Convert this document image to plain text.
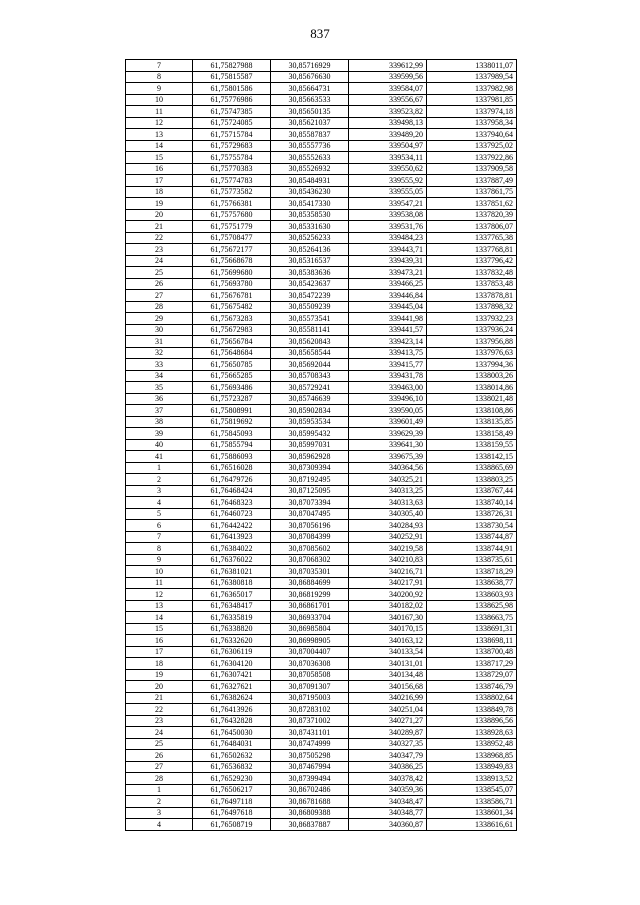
837
7	61,75827988	30,85716929	339612,99	1338011,07
8	61,75815587	30,85676630	339599,56	1337989,54
9	61,75801586	30,85664731	339584,07	1337982,98
10	61,75776986	30,85663533	339556,67	1337981,85
11	61,75747385	30,85650135	339523,82	1337974,18
12	61,75724085	30,85621037	339498,13	1337958,34
13	61,75715784	30,85587837	339489,20	1337940,64
14	61,75729683	30,85557736	339504,97	1337925,02
15	61,75755784	30,85552633	339534,11	1337922,86
16	61,75770383	30,85526932	339550,62	1337909,58
17	61,75774783	30,85484931	339555,92	1337887,49
18	61,75773582	30,85436230	339555,05	1337861,75
19	61,75766381	30,85417330	339547,21	1337851,62
20	61,75757680	30,85358530	339538,08	1337820,39
21	61,75751779	30,85331630	339531,76	1337806,07
22	61,75708477	30,85256233	339484,23	1337765,38
23	61,75672177	30,85264136	339443,71	1337768,81
24	61,75668678	30,85316537	339439,31	1337796,42
25	61,75699680	30,85383636	339473,21	1337832,48
26	61,75693780	30,85423637	339466,25	1337853,48
27	61,75676781	30,85472239	339446,84	1337878,81
28	61,75675482	30,85509239	339445,04	1337898,32
29	61,75673283	30,85573541	339441,98	1337932,23
30	61,75672983	30,85581141	339441,57	1337936,24
31	61,75656784	30,85620843	339423,14	1337956,88
32	61,75648684	30,85658544	339413,75	1337976,63
33	61,75650785	30,85692044	339415,77	1337994,36
34	61,75665285	30,85708343	339431,78	1338003,26
35	61,75693486	30,85729241	339463,00	1338014,86
36	61,75723287	30,85746639	339496,10	1338021,48
37	61,75808991	30,85902834	339590,05	1338108,86
38	61,75819692	30,85953534	339601,49	1338135,85
39	61,75845093	30,85995432	339629,39	1338158,49
40	61,75855794	30,85997031	339641,30	1338159,55
41	61,75886093	30,85962928	339675,39	1338142,15
1	61,76516028	30,87309394	340364,56	1338865,69
2	61,76479726	30,87192495	340325,21	1338803,25
3	61,76468424	30,87125095	340313,25	1338767,44
4	61,76468323	30,87073394	340313,63	1338740,14
5	61,76460723	30,87047495	340305,40	1338726,31
6	61,76442422	30,87056196	340284,93	1338730,54
7	61,76413923	30,87084399	340252,91	1338744,87
8	61,76384022	30,87085602	340219,58	1338744,91
9	61,76376022	30,87068302	340210,83	1338735,61
10	61,76381021	30,87035301	340216,71	1338718,29
11	61,76380818	30,86884699	340217,91	1338638,77
12	61,76365017	30,86819299	340200,92	1338603,93
13	61,76348417	30,86861701	340182,02	1338625,98
14	61,76335819	30,86933704	340167,30	1338663,75
15	61,76338820	30,86985804	340170,15	1338691,31
16	61,76332620	30,86998905	340163,12	1338698,11
17	61,76306119	30,87004407	340133,54	1338700,48
18	61,76304120	30,87036308	340131,01	1338717,29
19	61,76307421	30,87058508	340134,48	1338729,07
20	61,76327621	30,87091307	340156,68	1338746,79
21	61,76382624	30,87195003	340216,99	1338802,64
22	61,76413926	30,87283102	340251,04	1338849,78
23	61,76432828	30,87371002	340271,27	1338896,56
24	61,76450030	30,87431101	340289,87	1338928,63
25	61,76484031	30,87474999	340327,35	1338952,48
26	61,76502632	30,87505298	340347,79	1338968,85
27	61,76536832	30,87467994	340386,25	1338949,83
28	61,76529230	30,87399494	340378,42	1338913,52
1	61,76506217	30,86702486	340359,36	1338545,07
2	61,76497118	30,86781688	340348,47	1338586,71
3	61,76497618	30,86809388	340348,77	1338601,34
4	61,76508719	30,86837887	340360,87	1338616,61
